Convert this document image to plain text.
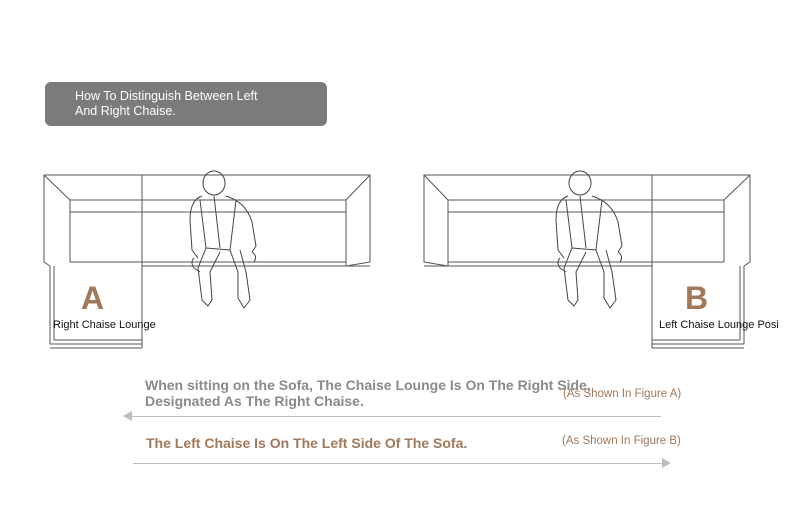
How To Distinguish Between Left
And Right Chaise.
A
Right Chaise Lounge
B
Left Chaise Lounge Posi
When sitting on the Sofa, The Chaise Lounge Is On The Right Side,
Designated As The Right Chaise.	(As Shown In Figure A)
The Left Chaise Is On The Left Side Of The Sofa.	(As Shown In Figure B)
